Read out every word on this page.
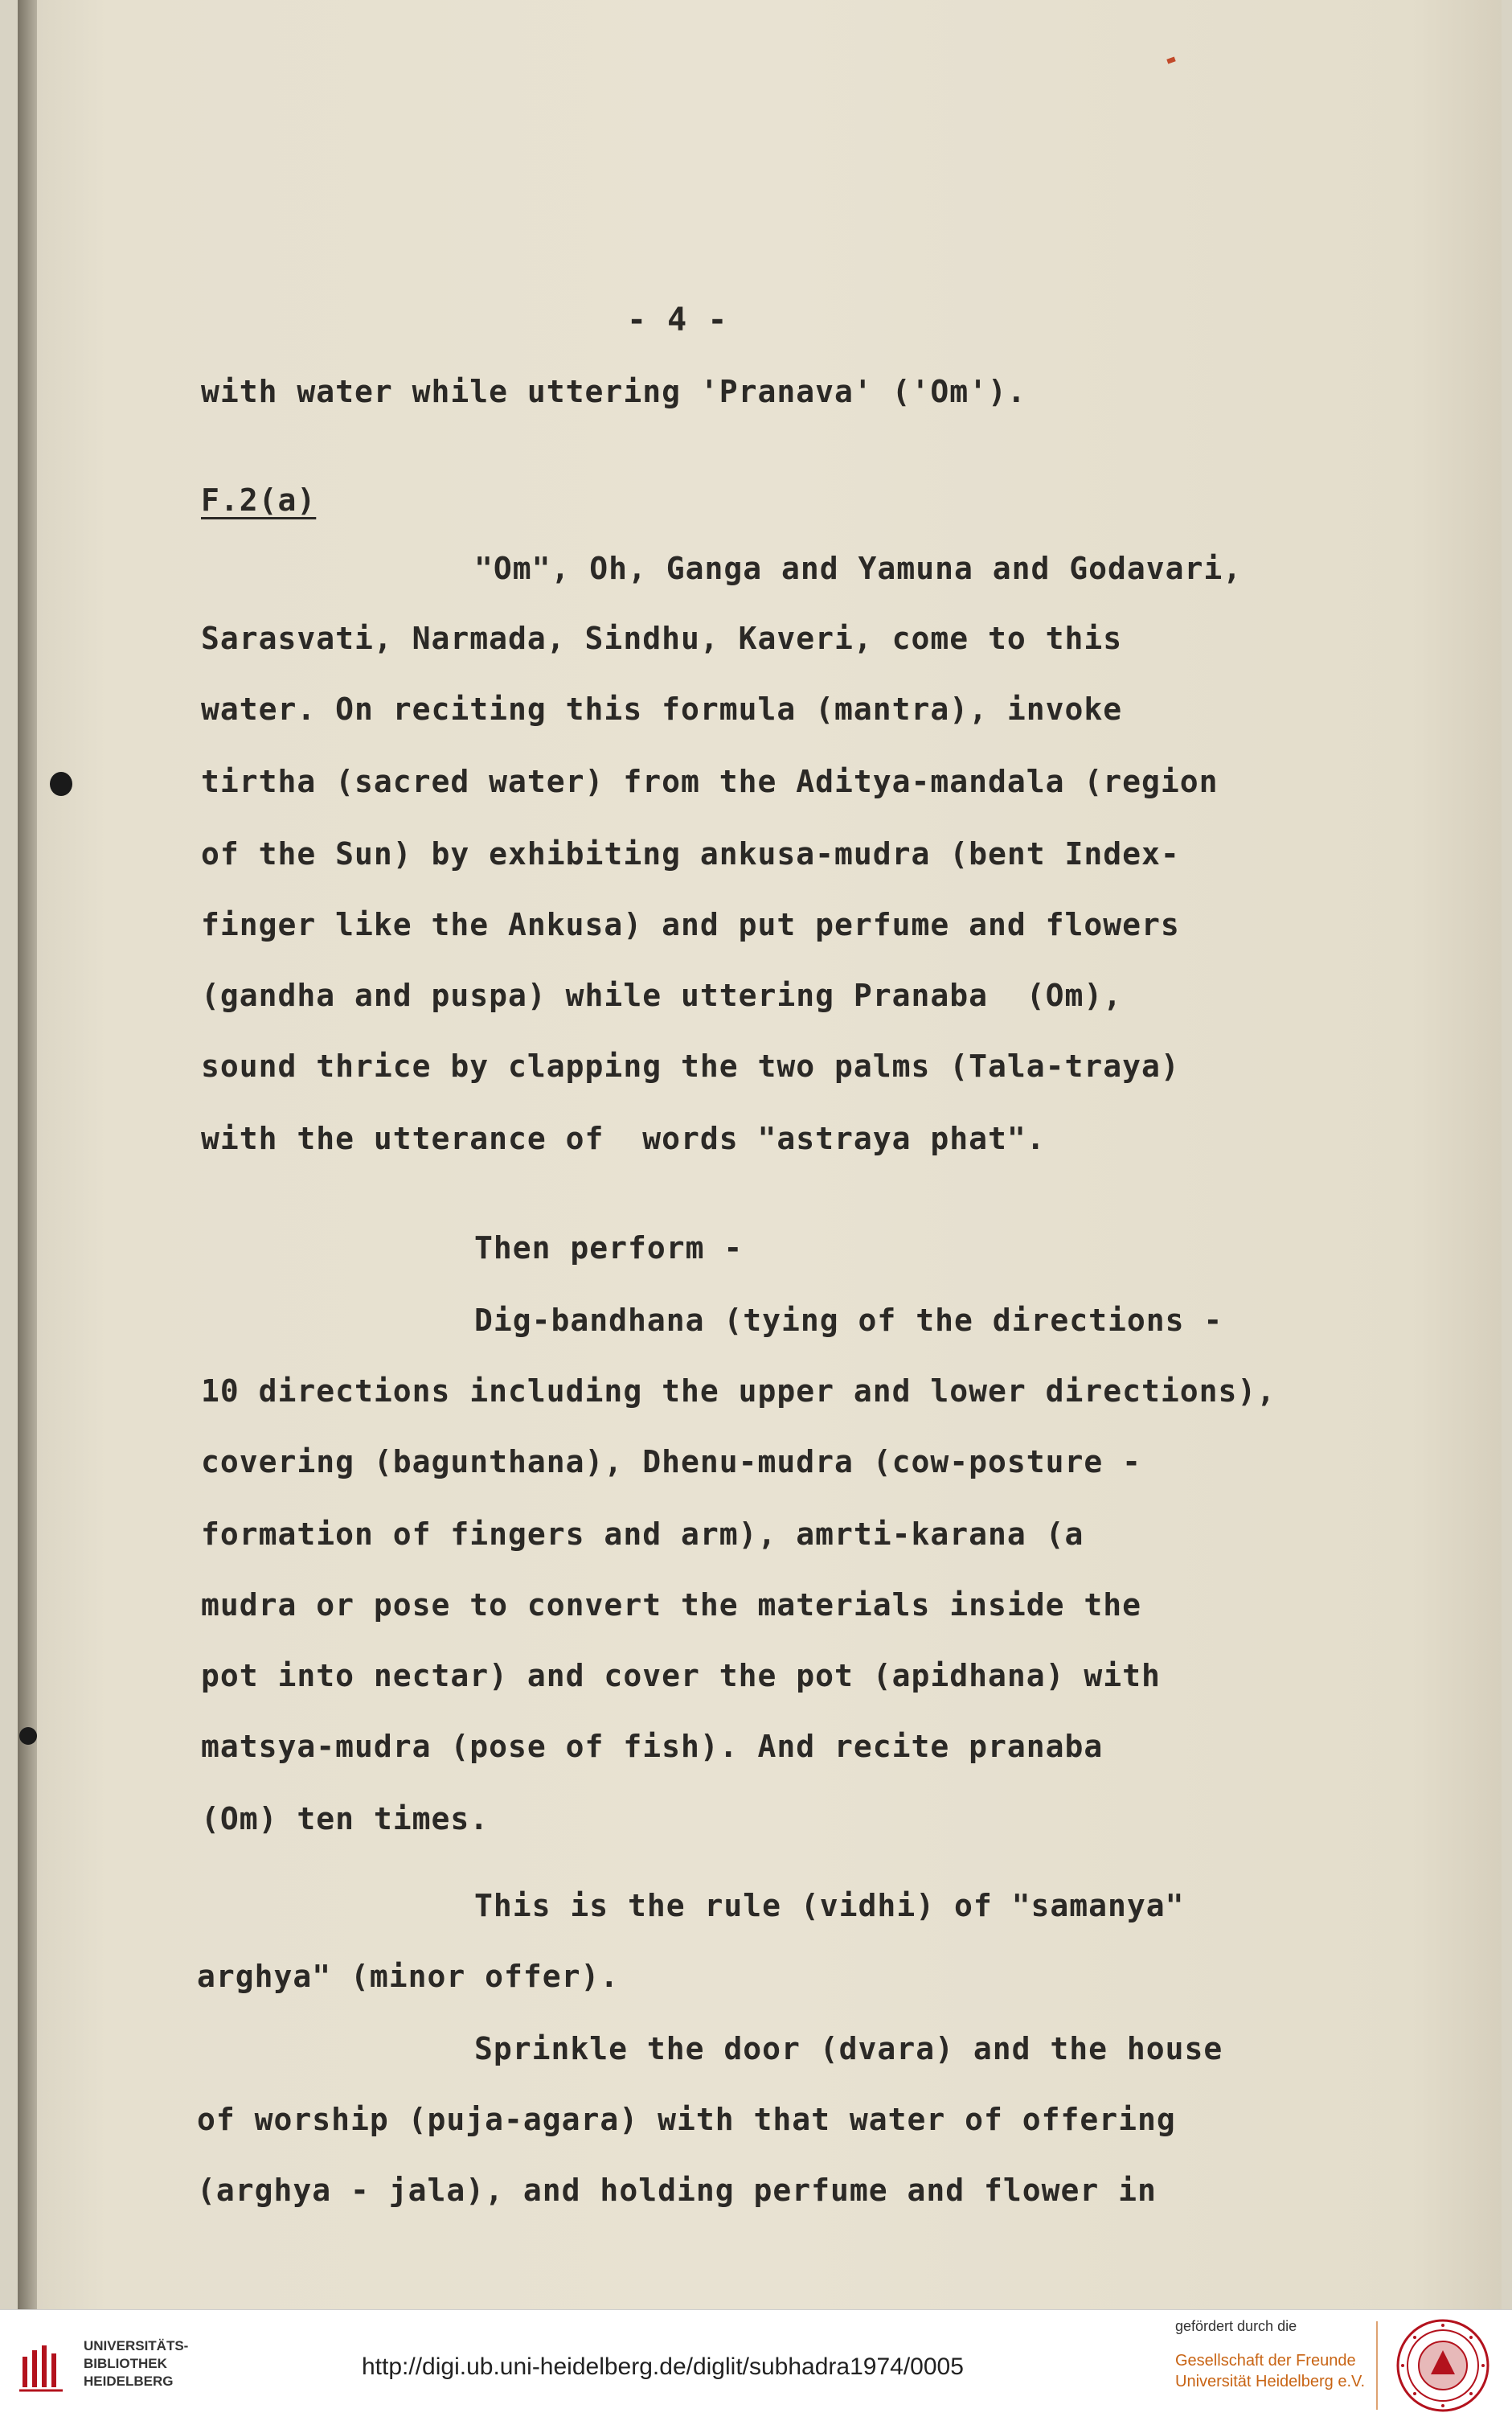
- 4 -
with water while uttering 'Pranava' ('Om').
F.2(a)
"Om", Oh, Ganga and Yamuna and Godavari,
Sarasvati, Narmada, Sindhu, Kaveri, come to this
water. On reciting this formula (mantra), invoke
tirtha (sacred water) from the Aditya-mandala (region
of the Sun) by exhibiting ankusa-mudra (bent Index-
finger like the Ankusa) and put perfume and flowers
(gandha and puspa) while uttering Pranaba  (Om),
sound thrice by clapping the two palms (Tala-traya)
with the utterance of  words "astraya phat".
Then perform -
Dig-bandhana (tying of the directions -
10 directions including the upper and lower directions),
covering (bagunthana), Dhenu-mudra (cow-posture -
formation of fingers and arm), amrti-karana (a
mudra or pose to convert the materials inside the
pot into nectar) and cover the pot (apidhana) with
matsya-mudra (pose of fish). And recite pranaba
(Om) ten times.
This is the rule (vidhi) of "samanya"
arghya" (minor offer).
Sprinkle the door (dvara) and the house
of worship (puja-agara) with that water of offering
(arghya - jala), and holding perfume and flower in
UNIVERSITÄTS-
BIBLIOTHEK
HEIDELBERG
http://digi.ub.uni-heidelberg.de/diglit/subhadra1974/0005
gefördert durch die
Gesellschaft der Freunde
Universität Heidelberg e.V.
